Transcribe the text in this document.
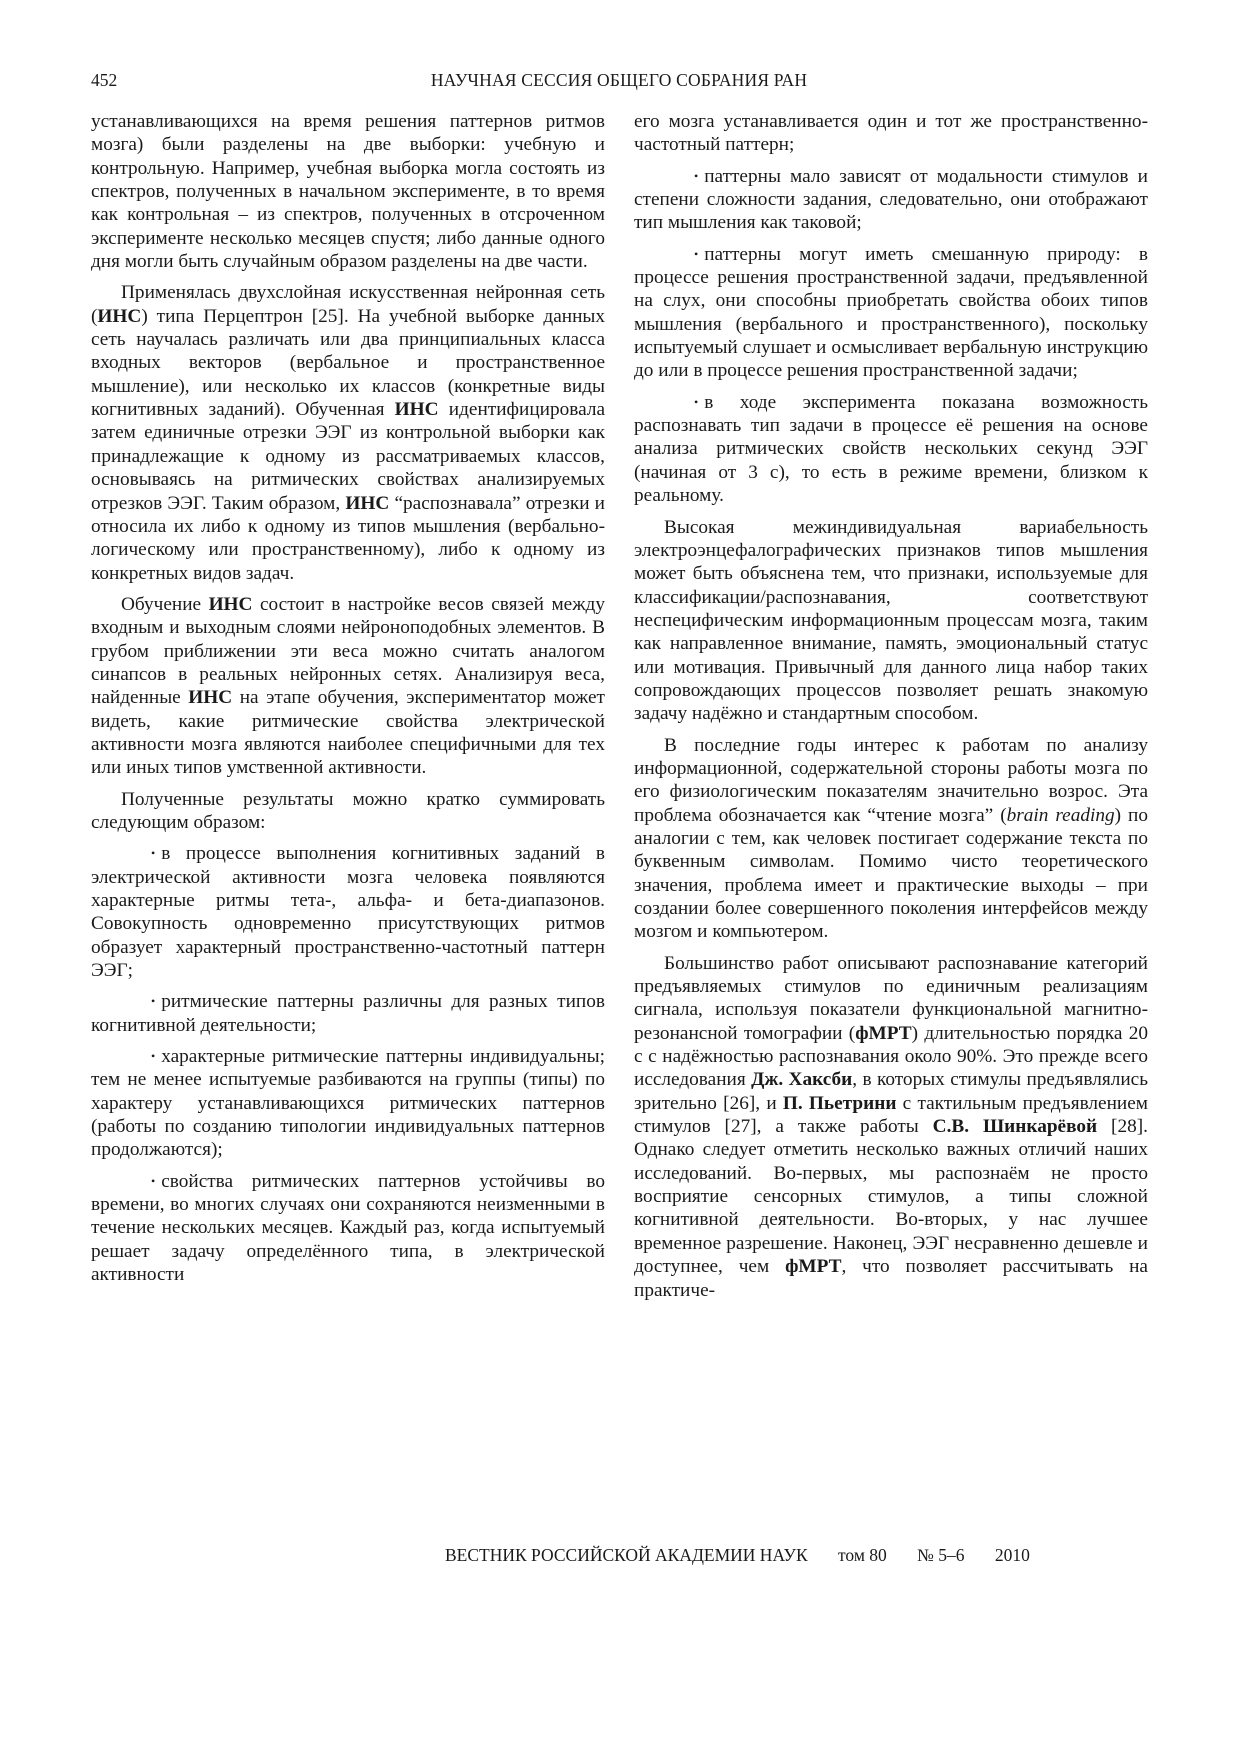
452	НАУЧНАЯ СЕССИЯ ОБЩЕГО СОБРАНИЯ РАН

устанавливающихся на время решения паттернов ритмов мозга) были разделены на две выборки: учебную и контрольную. Например, учебная выборка могла состоять из спектров, полученных в начальном эксперименте, в то время как контрольная – из спектров, полученных в отсроченном эксперименте несколько месяцев спустя; либо данные одного дня могли быть случайным образом разделены на две части.

Применялась двухслойная искусственная нейронная сеть (ИНС) типа Перцептрон [25]. На учебной выборке данных сеть научалась различать или два принципиальных класса входных векторов (вербальное и пространственное мышление), или несколько их классов (конкретные виды когнитивных заданий). Обученная ИНС идентифицировала затем единичные отрезки ЭЭГ из контрольной выборки как принадлежащие к одному из рассматриваемых классов, основываясь на ритмических свойствах анализируемых отрезков ЭЭГ. Таким образом, ИНС “распознавала” отрезки и относила их либо к одному из типов мышления (вербально-логическому или пространственному), либо к одному из конкретных видов задач.

Обучение ИНС состоит в настройке весов связей между входным и выходным слоями нейроноподобных элементов. В грубом приближении эти веса можно считать аналогом синапсов в реальных нейронных сетях. Анализируя веса, найденные ИНС на этапе обучения, экспериментатор может видеть, какие ритмические свойства электрической активности мозга являются наиболее специфичными для тех или иных типов умственной активности.

Полученные результаты можно кратко суммировать следующим образом:

• в процессе выполнения когнитивных заданий в электрической активности мозга человека появляются характерные ритмы тета-, альфа- и бета-диапазонов. Совокупность одновременно присутствующих ритмов образует характерный пространственно-частотный паттерн ЭЭГ;

• ритмические паттерны различны для разных типов когнитивной деятельности;

• характерные ритмические паттерны индивидуальны; тем не менее испытуемые разбиваются на группы (типы) по характеру устанавливающихся ритмических паттернов (работы по созданию типологии индивидуальных паттернов продолжаются);

• свойства ритмических паттернов устойчивы во времени, во многих случаях они сохраняются неизменными в течение нескольких месяцев. Каждый раз, когда испытуемый решает задачу определённого типа, в электрической активности

его мозга устанавливается один и тот же пространственно-частотный паттерн;

• паттерны мало зависят от модальности стимулов и степени сложности задания, следовательно, они отображают тип мышления как таковой;

• паттерны могут иметь смешанную природу: в процессе решения пространственной задачи, предъявленной на слух, они способны приобретать свойства обоих типов мышления (вербального и пространственного), поскольку испытуемый слушает и осмысливает вербальную инструкцию до или в процессе решения пространственной задачи;

• в ходе эксперимента показана возможность распознавать тип задачи в процессе её решения на основе анализа ритмических свойств нескольких секунд ЭЭГ (начиная от 3 с), то есть в режиме времени, близком к реальному.

Высокая межиндивидуальная вариабельность электроэнцефалографических признаков типов мышления может быть объяснена тем, что признаки, используемые для классификации/распознавания, соответствуют неспецифическим информационным процессам мозга, таким как направленное внимание, память, эмоциональный статус или мотивация. Привычный для данного лица набор таких сопровождающих процессов позволяет решать знакомую задачу надёжно и стандартным способом.

В последние годы интерес к работам по анализу информационной, содержательной стороны работы мозга по его физиологическим показателям значительно возрос. Эта проблема обозначается как “чтение мозга” (brain reading) по аналогии с тем, как человек постигает содержание текста по буквенным символам. Помимо чисто теоретического значения, проблема имеет и практические выходы – при создании более совершенного поколения интерфейсов между мозгом и компьютером.

Большинство работ описывают распознавание категорий предъявляемых стимулов по единичным реализациям сигнала, используя показатели функциональной магнитно-резонансной томографии (фМРТ) длительностью порядка 20 с с надёжностью распознавания около 90%. Это прежде всего исследования Дж. Хаксби, в которых стимулы предъявлялись зрительно [26], и П. Пьетрини с тактильным предъявлением стимулов [27], а также работы С.В. Шинкарёвой [28]. Однако следует отметить несколько важных отличий наших исследований. Во-первых, мы распознаём не просто восприятие сенсорных стимулов, а типы сложной когнитивной деятельности. Во-вторых, у нас лучшее временное разрешение. Наконец, ЭЭГ несравненно дешевле и доступнее, чем фМРТ, что позволяет рассчитывать на практиче-

ВЕСТНИК РОССИЙСКОЙ АКАДЕМИИ НАУК том 80 № 5–6 2010
